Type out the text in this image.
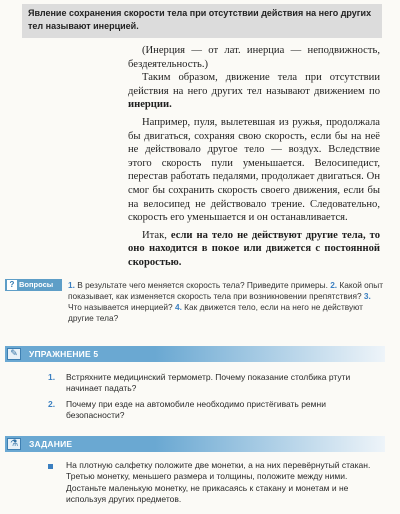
Явление сохранения скорости тела при отсутствии действия на него других тел называют инерцией.

(Инерция — от лат. инерциа — неподвижность, бездеятельность.)

Таким образом, движение тела при отсутствии действия на него других тел называют движением по инерции.

Например, пуля, вылетевшая из ружья, продолжала бы двигаться, сохраняя свою скорость, если бы на неё не действовало другое тело — воздух. Вследствие этого скорость пули уменьшается. Велосипедист, перестав работать педалями, продолжает двигаться. Он смог бы сохранить скорость своего движения, если бы на велосипед не действовало трение. Следовательно, скорость его уменьшается и он останавливается.

Итак, если на тело не действуют другие тела, то оно находится в покое или движется с постоянной скоростью.

? Вопросы	1. В результате чего меняется скорость тела? Приведите примеры. 2. Какой опыт показывает, как изменяется скорость тела при возникновении препятствия? 3. Что называется инерцией? 4. Как движется тело, если на него не действуют другие тела?
✎	УПРАЖНЕНИЕ 5
1. Встряхните медицинский термометр. Почему показание столбика ртути начинает падать?
2. Почему при езде на автомобиле необходимо пристёгивать ремни безопасности?
⚗	ЗАДАНИЕ
На плотную салфетку положите две монетки, а на них перевёрнутый стакан. Третью монетку, меньшего размера и толщины, положите между ними. Достаньте маленькую монетку, не прикасаясь к стакану и монетам и не используя других предметов.
